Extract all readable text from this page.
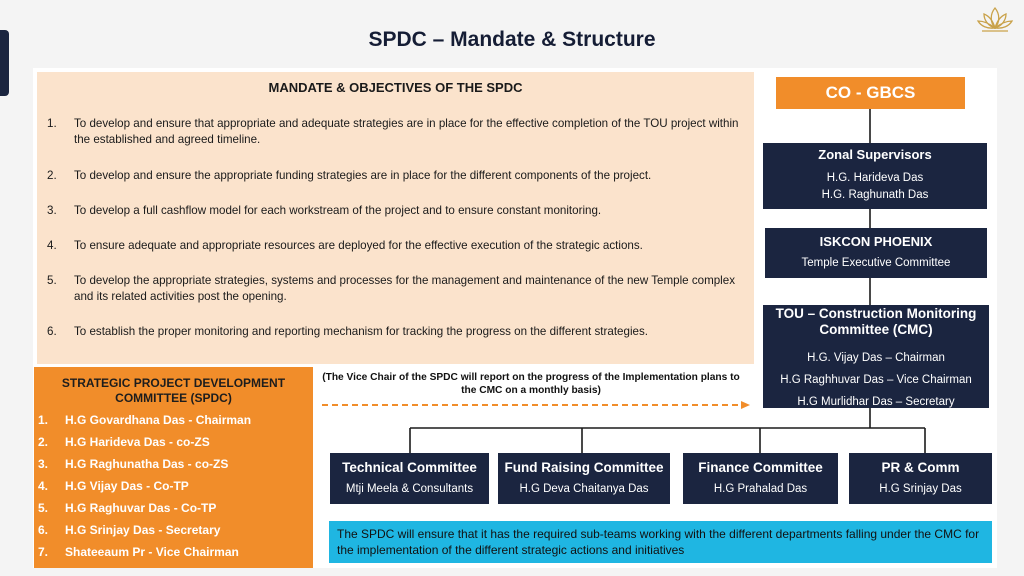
SPDC – Mandate & Structure
MANDATE & OBJECTIVES OF THE SPDC
1. To develop and ensure that appropriate and adequate strategies are in place for the effective completion of the TOU project within the established and agreed timeline.
2. To develop and ensure the appropriate funding strategies are in place for the different components of the project.
3. To develop a full cashflow model for each workstream of the project and to ensure constant monitoring.
4. To ensure adequate and appropriate resources are deployed for the effective execution of the strategic actions.
5. To develop the appropriate strategies, systems and processes for the management and maintenance of the new Temple complex and its related activities post the opening.
6. To establish the proper monitoring and reporting mechanism for tracking the progress on the different strategies.
STRATEGIC PROJECT DEVELOPMENT COMMITTEE (SPDC)
1. H.G Govardhana Das - Chairman
2. H.G Harideva Das - co-ZS
3. H.G Raghunatha Das - co-ZS
4. H.G Vijay Das - Co-TP
5. H.G Raghuvar Das - Co-TP
6. H.G Srinjay Das - Secretary
7. Shateeaum Pr - Vice Chairman
(The Vice Chair of the SPDC will report on the progress of the Implementation plans to the CMC on a monthly basis)
CO - GBCS
Zonal Supervisors
H.G. Harideva Das
H.G. Raghunath Das
ISKCON PHOENIX
Temple Executive Committee
TOU – Construction Monitoring
Committee (CMC)
H.G. Vijay Das – Chairman
H.G Raghhuvar Das – Vice Chairman
H.G Murlidhar Das – Secretary
Technical Committee
Mtji Meela & Consultants
Fund Raising Committee
H.G Deva Chaitanya Das
Finance Committee
H.G Prahalad Das
PR & Comm
H.G Srinjay Das
The SPDC will ensure that it has the required sub-teams working with the different departments falling under the CMC for the implementation of the different strategic actions and initiatives
